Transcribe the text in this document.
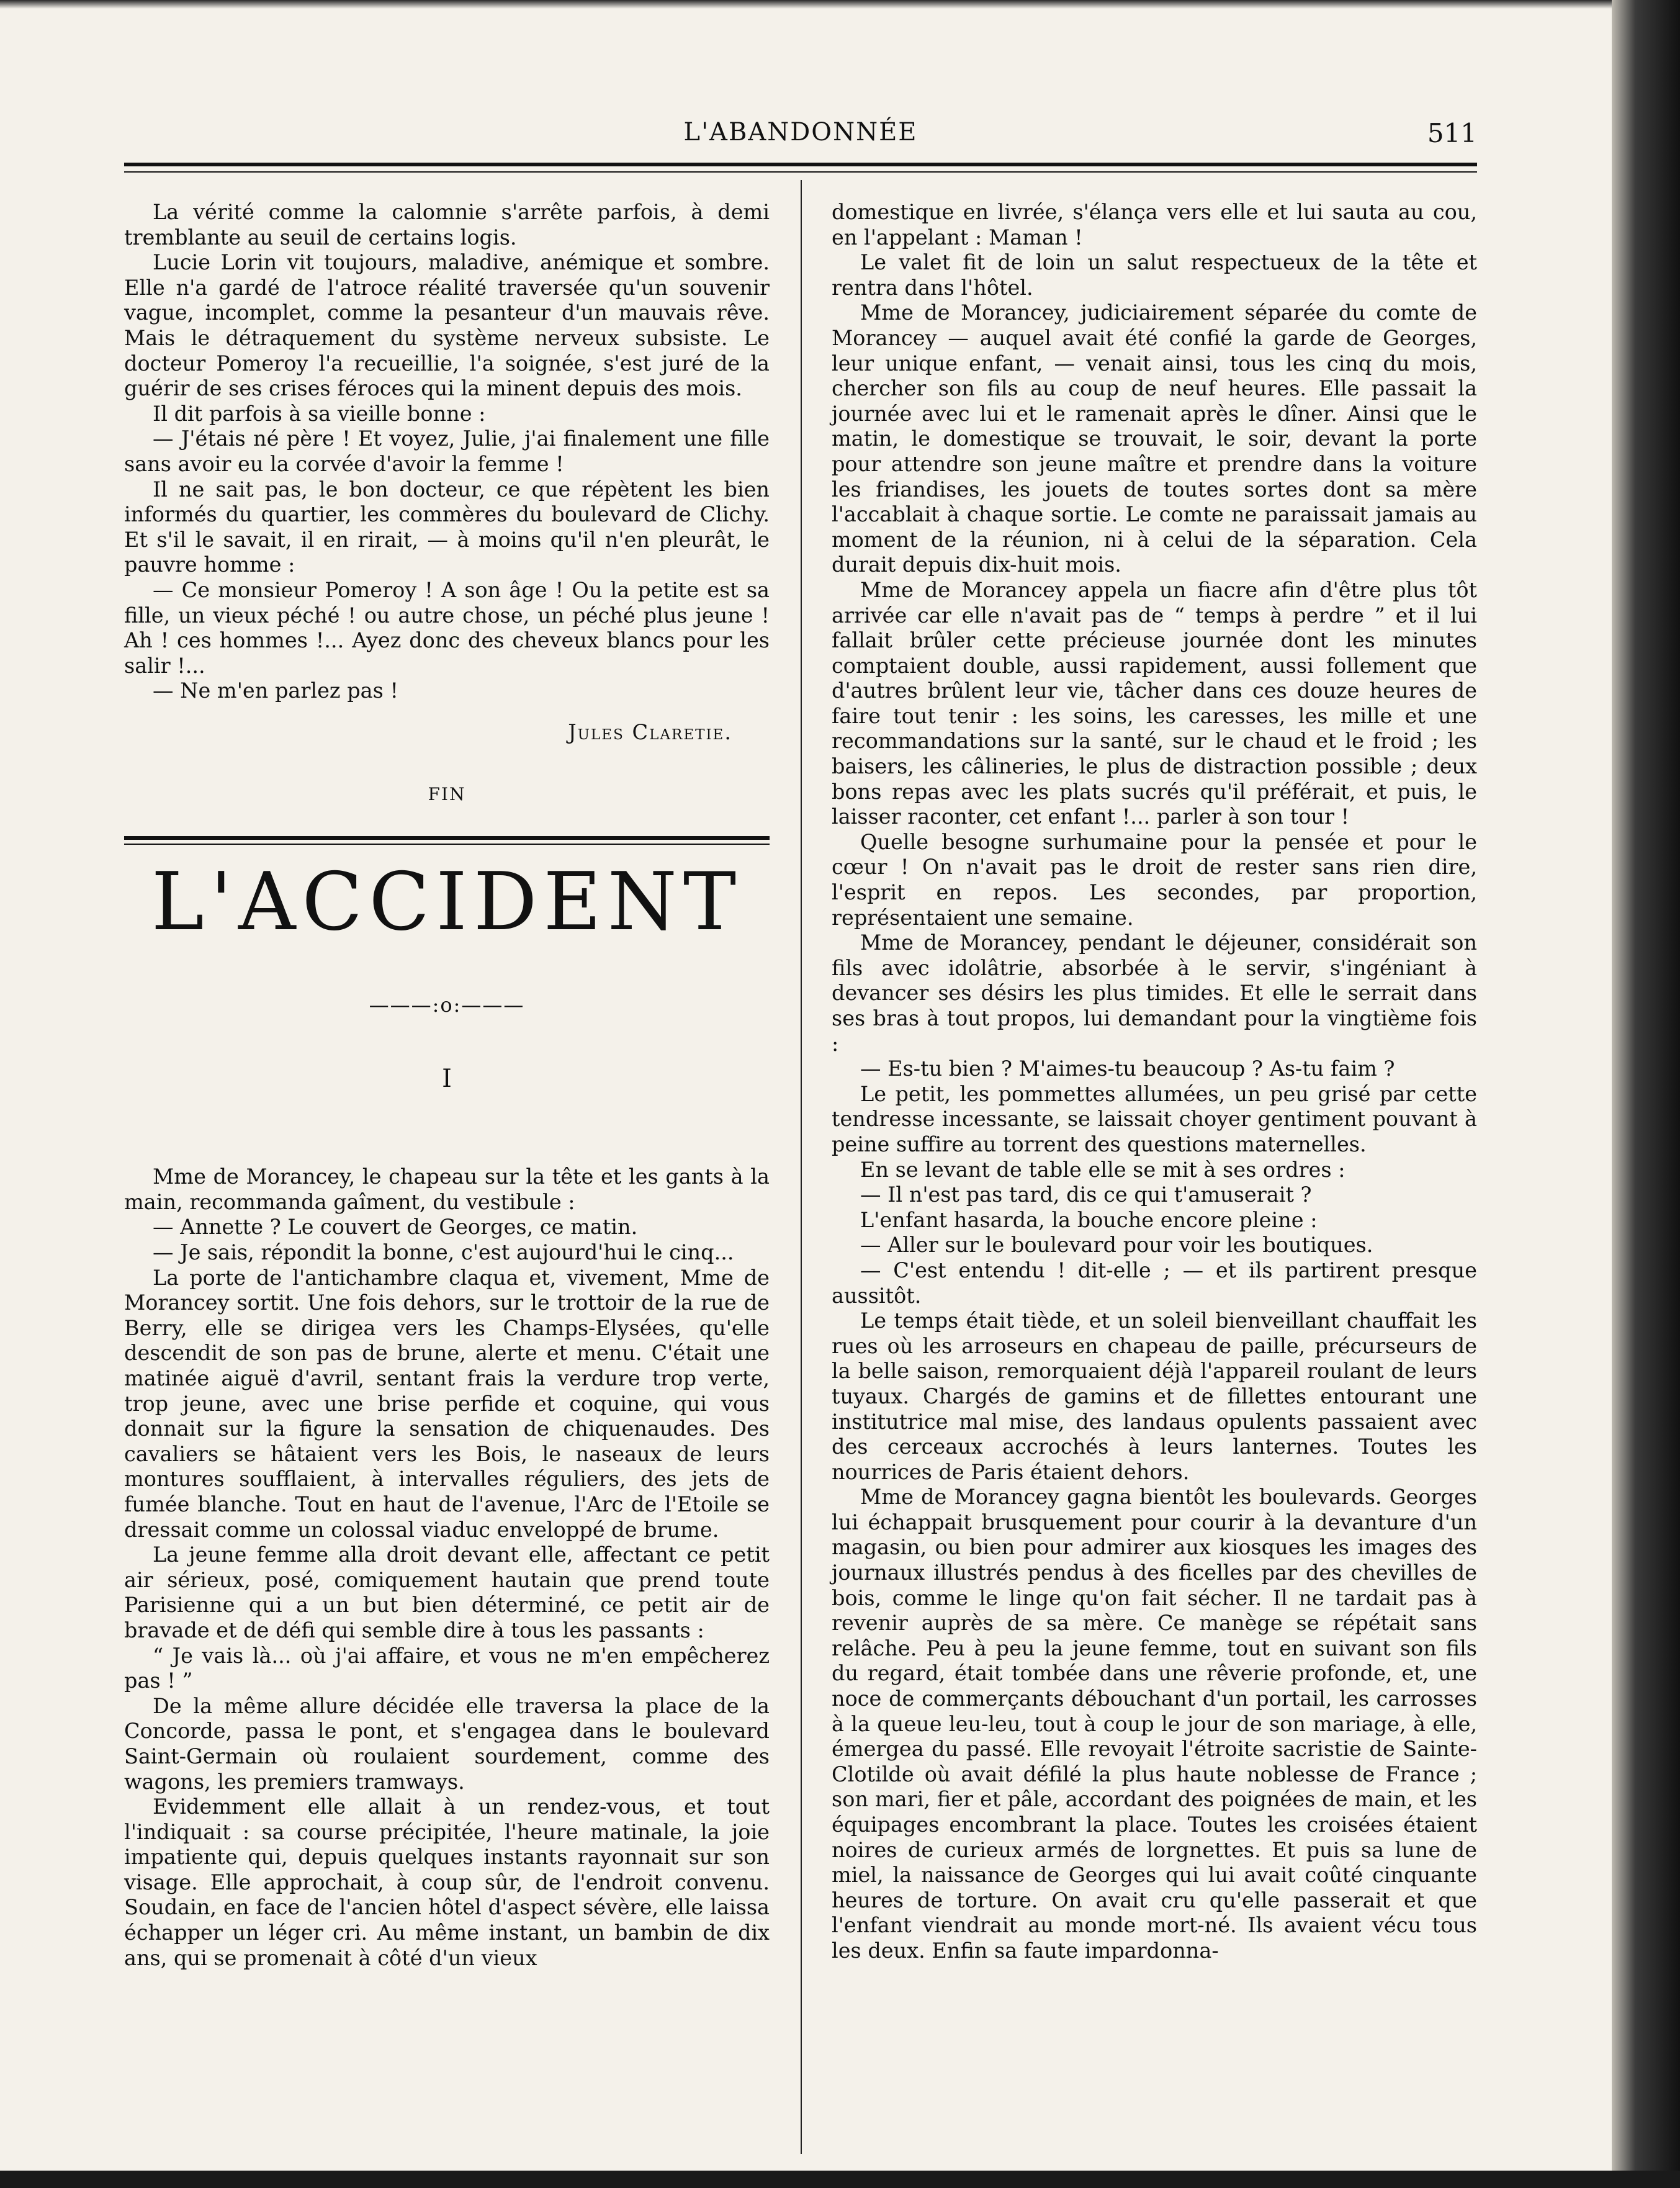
L'ABANDONNÉE	511

La vérité comme la calomnie s'arrête parfois, à demi tremblante au seuil de certains logis.

Lucie Lorin vit toujours, maladive, anémique et sombre. Elle n'a gardé de l'atroce réalité traversée qu'un souvenir vague, incomplet, comme la pesanteur d'un mauvais rêve. Mais le détraquement du système nerveux subsiste. Le docteur Pomeroy l'a recueillie, l'a soignée, s'est juré de la guérir de ses crises féroces qui la minent depuis des mois.

Il dit parfois à sa vieille bonne :

— J'étais né père ! Et voyez, Julie, j'ai finalement une fille sans avoir eu la corvée d'avoir la femme !

Il ne sait pas, le bon docteur, ce que répètent les bien informés du quartier, les commères du boulevard de Clichy. Et s'il le savait, il en rirait, — à moins qu'il n'en pleurât, le pauvre homme :

— Ce monsieur Pomeroy ! A son âge ! Ou la petite est sa fille, un vieux péché ! ou autre chose, un péché plus jeune ! Ah ! ces hommes !... Ayez donc des cheveux blancs pour les salir !...

— Ne m'en parlez pas !

Jules Claretie.
FIN
L'ACCIDENT
———:o:———
I

Mme de Morancey, le chapeau sur la tête et les gants à la main, recommanda gaîment, du vestibule :

— Annette ? Le couvert de Georges, ce matin.

— Je sais, répondit la bonne, c'est aujourd'hui le cinq...

La porte de l'antichambre claqua et, vivement, Mme de Morancey sortit. Une fois dehors, sur le trottoir de la rue de Berry, elle se dirigea vers les Champs-Elysées, qu'elle descendit de son pas de brune, alerte et menu. C'était une matinée aiguë d'avril, sentant frais la verdure trop verte, trop jeune, avec une brise perfide et coquine, qui vous donnait sur la figure la sensation de chiquenaudes. Des cavaliers se hâtaient vers les Bois, le naseaux de leurs montures soufflaient, à intervalles réguliers, des jets de fumée blanche. Tout en haut de l'avenue, l'Arc de l'Etoile se dressait comme un colossal viaduc enveloppé de brume.

La jeune femme alla droit devant elle, affectant ce petit air sérieux, posé, comiquement hautain que prend toute Parisienne qui a un but bien déterminé, ce petit air de bravade et de défi qui semble dire à tous les passants :

“ Je vais là... où j'ai affaire, et vous ne m'en empêcherez pas ! ”

De la même allure décidée elle traversa la place de la Concorde, passa le pont, et s'engagea dans le boulevard Saint-Germain où roulaient sourdement, comme des wagons, les premiers tramways.

Evidemment elle allait à un rendez-vous, et tout l'indiquait : sa course précipitée, l'heure matinale, la joie impatiente qui, depuis quelques instants rayonnait sur son visage. Elle approchait, à coup sûr, de l'endroit convenu. Soudain, en face de l'ancien hôtel d'aspect sévère, elle laissa échapper un léger cri. Au même instant, un bambin de dix ans, qui se promenait à côté d'un vieux

domestique en livrée, s'élança vers elle et lui sauta au cou, en l'appelant : Maman !

Le valet fit de loin un salut respectueux de la tête et rentra dans l'hôtel.

Mme de Morancey, judiciairement séparée du comte de Morancey — auquel avait été confié la garde de Georges, leur unique enfant, — venait ainsi, tous les cinq du mois, chercher son fils au coup de neuf heures. Elle passait la journée avec lui et le ramenait après le dîner. Ainsi que le matin, le domestique se trouvait, le soir, devant la porte pour attendre son jeune maître et prendre dans la voiture les friandises, les jouets de toutes sortes dont sa mère l'accablait à chaque sortie. Le comte ne paraissait jamais au moment de la réunion, ni à celui de la séparation. Cela durait depuis dix-huit mois.

Mme de Morancey appela un fiacre afin d'être plus tôt arrivée car elle n'avait pas de “ temps à perdre ” et il lui fallait brûler cette précieuse journée dont les minutes comptaient double, aussi rapidement, aussi follement que d'autres brûlent leur vie, tâcher dans ces douze heures de faire tout tenir : les soins, les caresses, les mille et une recommandations sur la santé, sur le chaud et le froid ; les baisers, les câlineries, le plus de distraction possible ; deux bons repas avec les plats sucrés qu'il préférait, et puis, le laisser raconter, cet enfant !... parler à son tour !

Quelle besogne surhumaine pour la pensée et pour le cœur ! On n'avait pas le droit de rester sans rien dire, l'esprit en repos. Les secondes, par proportion, représentaient une semaine.

Mme de Morancey, pendant le déjeuner, considérait son fils avec idolâtrie, absorbée à le servir, s'ingéniant à devancer ses désirs les plus timides. Et elle le serrait dans ses bras à tout propos, lui demandant pour la vingtième fois :

— Es-tu bien ? M'aimes-tu beaucoup ? As-tu faim ?

Le petit, les pommettes allumées, un peu grisé par cette tendresse incessante, se laissait choyer gentiment pouvant à peine suffire au torrent des questions maternelles.

En se levant de table elle se mit à ses ordres :

— Il n'est pas tard, dis ce qui t'amuserait ?

L'enfant hasarda, la bouche encore pleine :

— Aller sur le boulevard pour voir les boutiques.

— C'est entendu ! dit-elle ; — et ils partirent presque aussitôt.

Le temps était tiède, et un soleil bienveillant chauffait les rues où les arroseurs en chapeau de paille, précurseurs de la belle saison, remorquaient déjà l'appareil roulant de leurs tuyaux. Chargés de gamins et de fillettes entourant une institutrice mal mise, des landaus opulents passaient avec des cerceaux accrochés à leurs lanternes. Toutes les nourrices de Paris étaient dehors.

Mme de Morancey gagna bientôt les boulevards. Georges lui échappait brusquement pour courir à la devanture d'un magasin, ou bien pour admirer aux kiosques les images des journaux illustrés pendus à des ficelles par des chevilles de bois, comme le linge qu'on fait sécher. Il ne tardait pas à revenir auprès de sa mère. Ce manège se répétait sans relâche. Peu à peu la jeune femme, tout en suivant son fils du regard, était tombée dans une rêverie profonde, et, une noce de commerçants débouchant d'un portail, les carrosses à la queue leu-leu, tout à coup le jour de son mariage, à elle, émergea du passé. Elle revoyait l'étroite sacristie de Sainte-Clotilde où avait défilé la plus haute noblesse de France ; son mari, fier et pâle, accordant des poignées de main, et les équipages encombrant la place. Toutes les croisées étaient noires de curieux armés de lorgnettes. Et puis sa lune de miel, la naissance de Georges qui lui avait coûté cinquante heures de torture. On avait cru qu'elle passerait et que l'enfant viendrait au monde mort-né. Ils avaient vécu tous les deux. Enfin sa faute impardonna-
